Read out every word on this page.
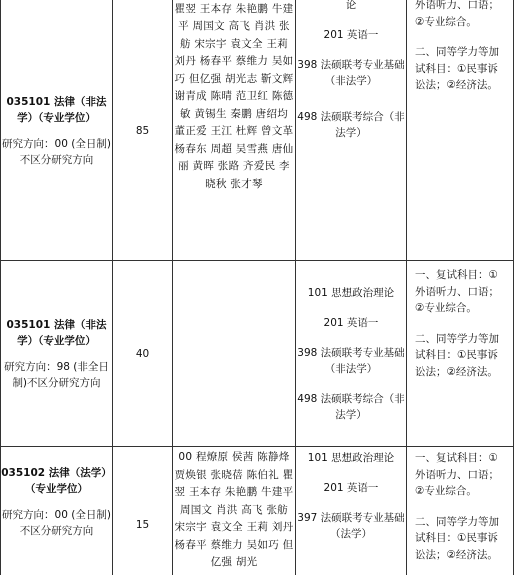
035101 法律（非法学）（专业学位）
研究方向：00 (全日制)不区分研究方向	85	瞿翌 王本存 朱艳鹏 牛建平 周国文 高飞 肖洪 张舫 宋宗宇 袁文全 王莉 刘丹 杨春平 蔡维力 吴如巧 但亿强 胡光志 靳文辉 谢青成 陈晴 范卫红 陈德敏 黄锡生 秦鹏 唐绍均 董正爱 王江 杜辉 曾文革 杨春东 周超 吴雪燕 唐仙丽 黄晖 张路 齐爱民 李晓秋 张才琴	论
201 英语一
398 法硕联考专业基础（非法学）
498 法硕联考综合（非法学）	外语听力、口语；②专业综合。
二、同等学力等加试科目：①民事诉讼法；②经济法。

035101 法律（非法学）（专业学位）
研究方向：98 (非全日制)不区分研究方向	40		101 思想政治理论
201 英语一
398 法硕联考专业基础（非法学）
498 法硕联考综合（非法学）	一、复试科目：①外语听力、口语；②专业综合。
二、同等学力等加试科目：①民事诉讼法；②经济法。

035102 法律（法学）（专业学位）
研究方向：00 (全日制)不区分研究方向	15	00 程燎原 侯茜 陈静烽 贾焕银 张晓蓓 陈伯礼 瞿翌 王本存 朱艳鹏 牛建平 周国文 肖洪 高飞 张舫 宋宗宇 袁文全 王莉 刘丹 杨春平 蔡维力 吴如巧 但亿强 胡光	101 思想政治理论
201 英语一
397 法硕联考专业基础（法学）	一、复试科目：①外语听力、口语；②专业综合。
二、同等学力等加试科目：①民事诉讼法；②经济法。
